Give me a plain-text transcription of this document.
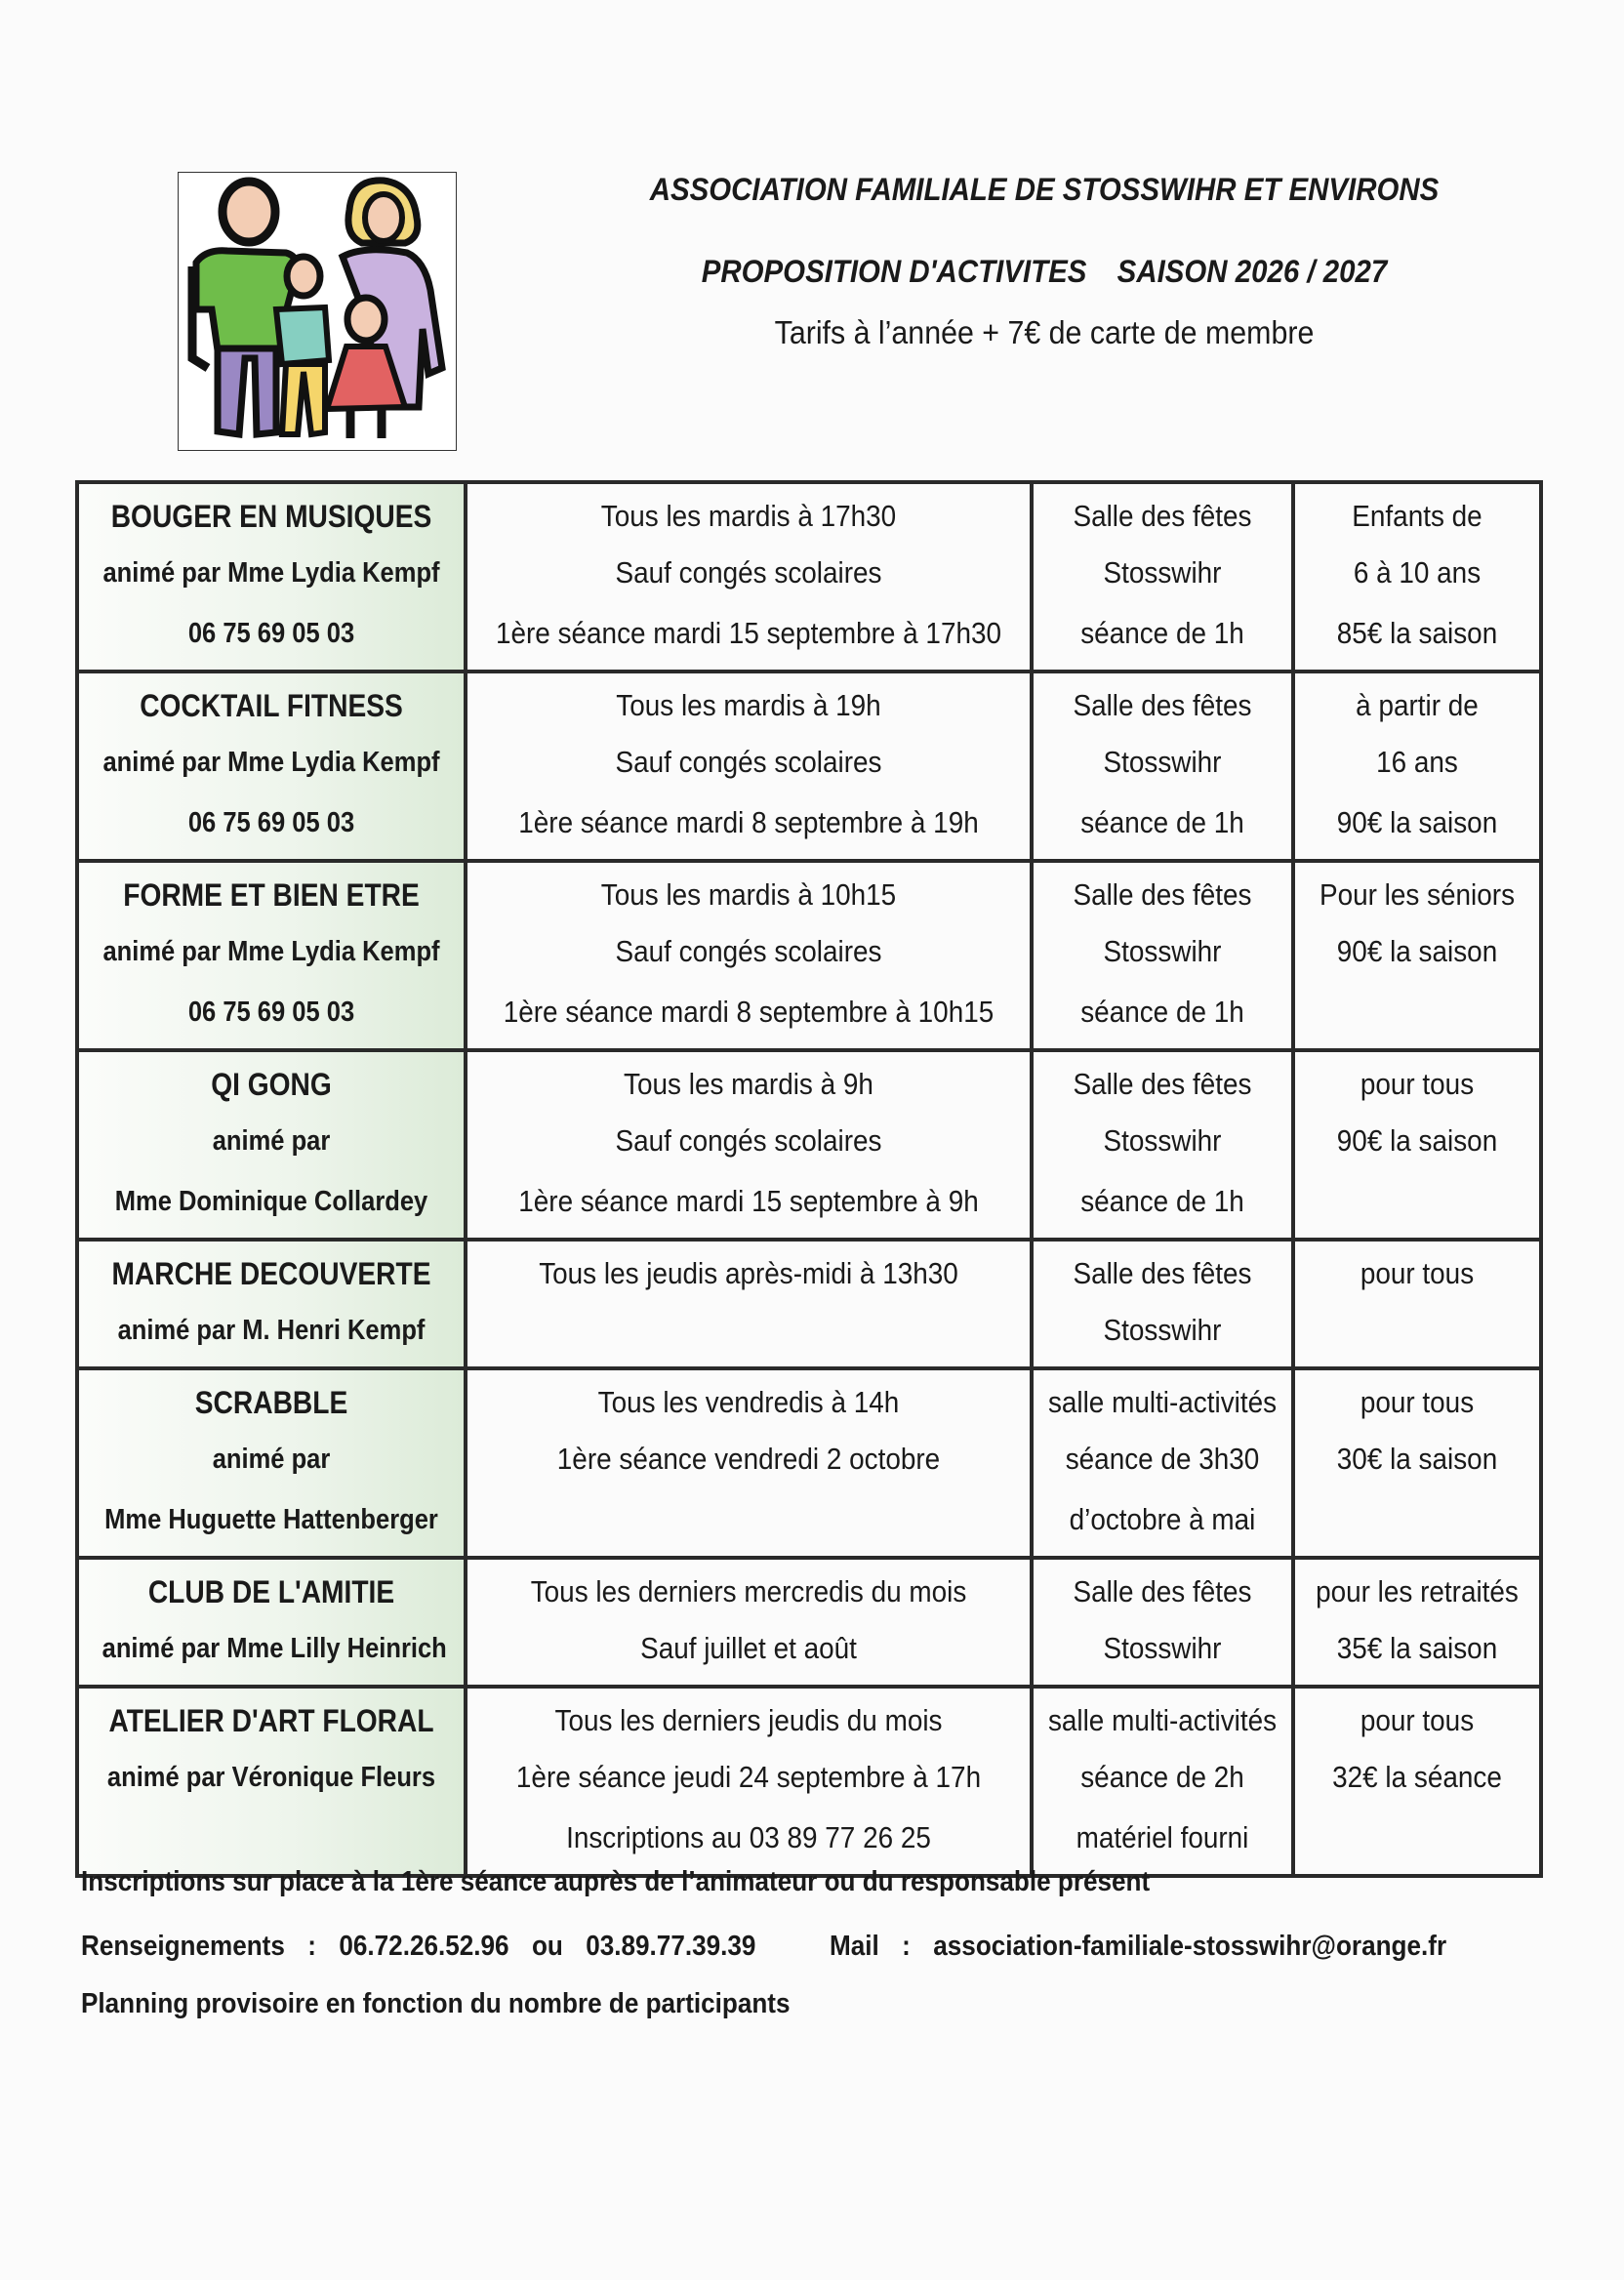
ASSOCIATION FAMILIALE DE STOSSWIHR ET ENVIRONS
PROPOSITION D'ACTIVITES SAISON 2026 / 2027
Tarifs à l’année + 7€ de carte de membre
BOUGER EN MUSIQUES
animé par Mme Lydia Kempf
06 75 69 05 03	Tous les mardis à 17h30
Sauf congés scolaires
1ère séance mardi 15 septembre à 17h30	Salle des fêtes
Stosswihr
séance de 1h	Enfants de
6 à 10 ans
85€ la saison

COCKTAIL FITNESS
animé par Mme Lydia Kempf
06 75 69 05 03	Tous les mardis à 19h
Sauf congés scolaires
1ère séance mardi 8 septembre à 19h	Salle des fêtes
Stosswihr
séance de 1h	à partir de
16 ans
90€ la saison

FORME ET BIEN ETRE
animé par Mme Lydia Kempf
06 75 69 05 03	Tous les mardis à 10h15
Sauf congés scolaires
1ère séance mardi 8 septembre à 10h15	Salle des fêtes
Stosswihr
séance de 1h	Pour les séniors
90€ la saison

QI GONG
animé par
Mme Dominique Collardey	Tous les mardis à 9h
Sauf congés scolaires
1ère séance mardi 15 septembre à 9h	Salle des fêtes
Stosswihr
séance de 1h	pour tous
90€ la saison

MARCHE DECOUVERTE
animé par M. Henri Kempf	Tous les jeudis après-midi à 13h30	Salle des fêtes
Stosswihr	pour tous

SCRABBLE
animé par
Mme Huguette Hattenberger	Tous les vendredis à 14h
1ère séance vendredi 2 octobre	salle multi-activités
séance de 3h30
d’octobre à mai	pour tous
30€ la saison

CLUB DE L'AMITIE
animé par Mme Lilly Heinrich	Tous les derniers mercredis du mois
Sauf juillet et août	Salle des fêtes
Stosswihr	pour les retraités
35€ la saison

ATELIER D'ART FLORAL
animé par Véronique Fleurs	Tous les derniers jeudis du mois
1ère séance jeudi 24 septembre à 17h
Inscriptions au 03 89 77 26 25	salle multi-activités
séance de 2h
matériel fourni	pour tous
32€ la séance
Inscriptions sur place à la 1ère séance auprès de l’animateur ou du responsable présent
Renseignements : 06.72.26.52.96 ou 03.89.77.39.39	Mail : association-familiale-stosswihr@orange.fr
Planning provisoire en fonction du nombre de participants
